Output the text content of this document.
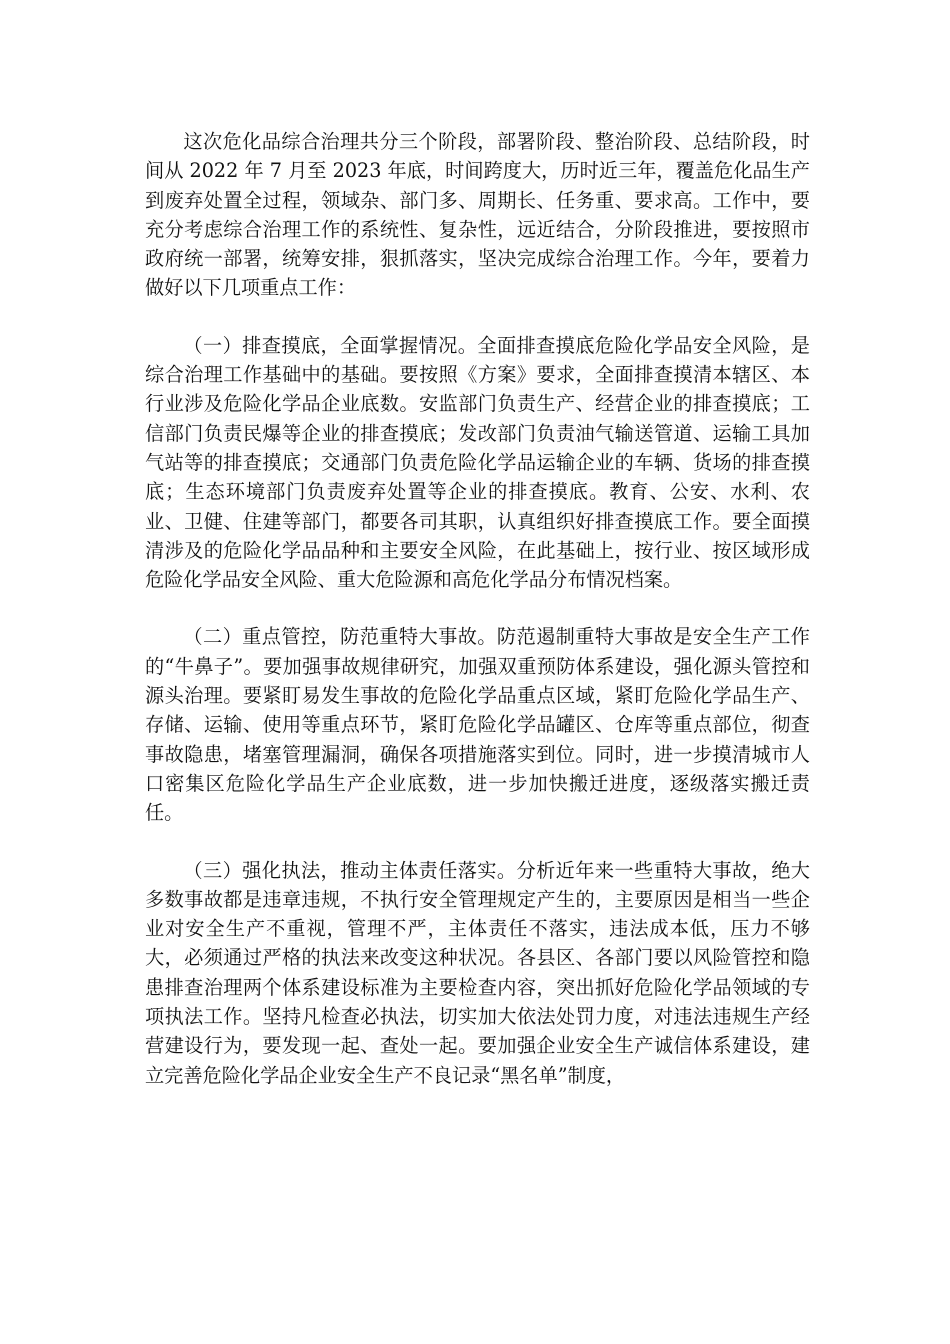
这次危化品综合治理共分三个阶段，部署阶段、整治阶段、总结阶段，时间从 2022 年 7 月至 2023 年底，时间跨度大，历时近三年，覆盖危化品生产到废弃处置全过程，领域杂、部门多、周期长、任务重、要求高。工作中，要充分考虑综合治理工作的系统性、复杂性，远近结合，分阶段推进，要按照市政府统一部署，统筹安排，狠抓落实，坚决完成综合治理工作。今年，要着力做好以下几项重点工作：

（一）排查摸底，全面掌握情况。全面排查摸底危险化学品安全风险，是综合治理工作基础中的基础。要按照《方案》要求，全面排查摸清本辖区、本行业涉及危险化学品企业底数。安监部门负责生产、经营企业的排查摸底；工信部门负责民爆等企业的排查摸底；发改部门负责油气输送管道、运输工具加气站等的排查摸底；交通部门负责危险化学品运输企业的车辆、货场的排查摸底；生态环境部门负责废弃处置等企业的排查摸底。教育、公安、水利、农业、卫健、住建等部门，都要各司其职，认真组织好排查摸底工作。要全面摸清涉及的危险化学品品种和主要安全风险，在此基础上，按行业、按区域形成危险化学品安全风险、重大危险源和高危化学品分布情况档案。

（二）重点管控，防范重特大事故。防范遏制重特大事故是安全生产工作的“牛鼻子”。要加强事故规律研究，加强双重预防体系建设，强化源头管控和源头治理。要紧盯易发生事故的危险化学品重点区域，紧盯危险化学品生产、存储、运输、使用等重点环节，紧盯危险化学品罐区、仓库等重点部位，彻查事故隐患，堵塞管理漏洞，确保各项措施落实到位。同时，进一步摸清城市人口密集区危险化学品生产企业底数，进一步加快搬迁进度，逐级落实搬迁责任。

（三）强化执法，推动主体责任落实。分析近年来一些重特大事故，绝大多数事故都是违章违规，不执行安全管理规定产生的，主要原因是相当一些企业对安全生产不重视，管理不严，主体责任不落实，违法成本低，压力不够大，必须通过严格的执法来改变这种状况。各县区、各部门要以风险管控和隐患排查治理两个体系建设标准为主要检查内容，突出抓好危险化学品领域的专项执法工作。坚持凡检查必执法，切实加大依法处罚力度，对违法违规生产经营建设行为，要发现一起、查处一起。要加强企业安全生产诚信体系建设，建立完善危险化学品企业安全生产不良记录“黑名单”制度，
